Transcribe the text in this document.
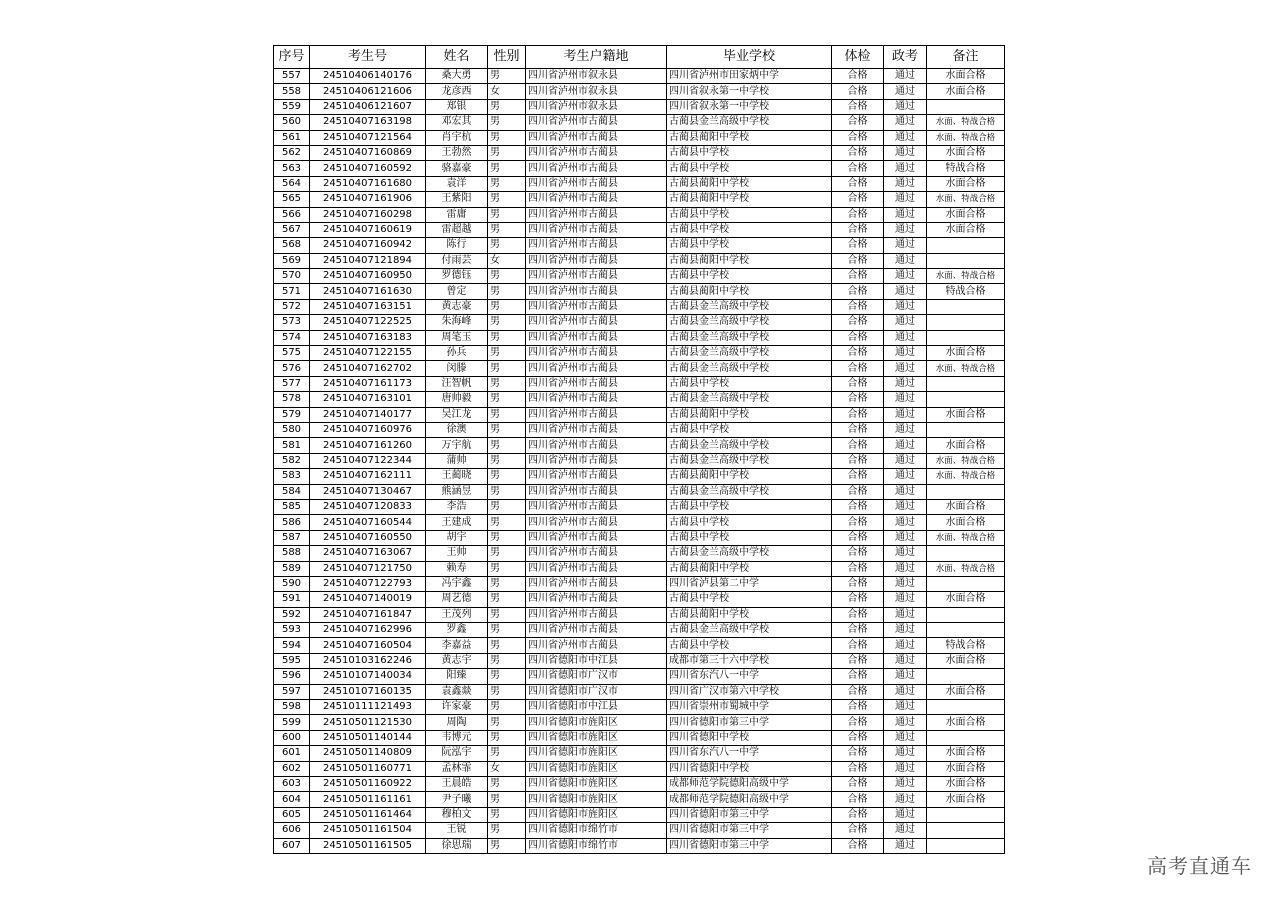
序号	考生号	姓名	性别	考生户籍地	毕业学校	体检	政考	备注
557	24510406140176	桑大勇	男	四川省泸州市叙永县	四川省泸州市田家炳中学	合格	通过	水面合格
558	24510406121606	龙彦西	女	四川省泸州市叙永县	四川省叙永第一中学校	合格	通过	水面合格
559	24510406121607	郑银	男	四川省泸州市叙永县	四川省叙永第一中学校	合格	通过	
560	24510407163198	邓宏其	男	四川省泸州市古蔺县	古蔺县金兰高级中学校	合格	通过	水面、特战合格
561	24510407121564	肖宇杭	男	四川省泸州市古蔺县	古蔺县蔺阳中学校	合格	通过	水面、特战合格
562	24510407160869	王勃然	男	四川省泸州市古蔺县	古蔺县中学校	合格	通过	水面合格
563	24510407160592	骆嘉豪	男	四川省泸州市古蔺县	古蔺县中学校	合格	通过	特战合格
564	24510407161680	袁洋	男	四川省泸州市古蔺县	古蔺县蔺阳中学校	合格	通过	水面合格
565	24510407161906	王紫阳	男	四川省泸州市古蔺县	古蔺县蔺阳中学校	合格	通过	水面、特战合格
566	24510407160298	雷庸	男	四川省泸州市古蔺县	古蔺县中学校	合格	通过	水面合格
567	24510407160619	雷超越	男	四川省泸州市古蔺县	古蔺县中学校	合格	通过	水面合格
568	24510407160942	陈行	男	四川省泸州市古蔺县	古蔺县中学校	合格	通过	
569	24510407121894	付雨芸	女	四川省泸州市古蔺县	古蔺县蔺阳中学校	合格	通过	
570	24510407160950	罗德钰	男	四川省泸州市古蔺县	古蔺县中学校	合格	通过	水面、特战合格
571	24510407161630	曾定	男	四川省泸州市古蔺县	古蔺县蔺阳中学校	合格	通过	特战合格
572	24510407163151	黄志豪	男	四川省泸州市古蔺县	古蔺县金兰高级中学校	合格	通过	
573	24510407122525	朱海峰	男	四川省泸州市古蔺县	古蔺县金兰高级中学校	合格	通过	
574	24510407163183	周笔玉	男	四川省泸州市古蔺县	古蔺县金兰高级中学校	合格	通过	
575	24510407122155	孙兵	男	四川省泸州市古蔺县	古蔺县金兰高级中学校	合格	通过	水面合格
576	24510407162702	闵滕	男	四川省泸州市古蔺县	古蔺县金兰高级中学校	合格	通过	水面、特战合格
577	24510407161173	汪智帆	男	四川省泸州市古蔺县	古蔺县中学校	合格	通过	
578	24510407163101	唐帅毅	男	四川省泸州市古蔺县	古蔺县金兰高级中学校	合格	通过	
579	24510407140177	吴江龙	男	四川省泸州市古蔺县	古蔺县蔺阳中学校	合格	通过	水面合格
580	24510407160976	徐澳	男	四川省泸州市古蔺县	古蔺县中学校	合格	通过	
581	24510407161260	万宇航	男	四川省泸州市古蔺县	古蔺县金兰高级中学校	合格	通过	水面合格
582	24510407122344	蒲帅	男	四川省泸州市古蔺县	古蔺县金兰高级中学校	合格	通过	水面、特战合格
583	24510407162111	王蔺晓	男	四川省泸州市古蔺县	古蔺县蔺阳中学校	合格	通过	水面、特战合格
584	24510407130467	熊涵昱	男	四川省泸州市古蔺县	古蔺县金兰高级中学校	合格	通过	
585	24510407120833	李浩	男	四川省泸州市古蔺县	古蔺县中学校	合格	通过	水面合格
586	24510407160544	王建成	男	四川省泸州市古蔺县	古蔺县中学校	合格	通过	水面合格
587	24510407160550	胡宇	男	四川省泸州市古蔺县	古蔺县中学校	合格	通过	水面、特战合格
588	24510407163067	王帅	男	四川省泸州市古蔺县	古蔺县金兰高级中学校	合格	通过	
589	24510407121750	赖寿	男	四川省泸州市古蔺县	古蔺县蔺阳中学校	合格	通过	水面、特战合格
590	24510407122793	冯宇鑫	男	四川省泸州市古蔺县	四川省泸县第二中学	合格	通过	
591	24510407140019	周艺德	男	四川省泸州市古蔺县	古蔺县中学校	合格	通过	水面合格
592	24510407161847	王茂列	男	四川省泸州市古蔺县	古蔺县蔺阳中学校	合格	通过	
593	24510407162996	罗鑫	男	四川省泸州市古蔺县	古蔺县金兰高级中学校	合格	通过	
594	24510407160504	李嘉益	男	四川省泸州市古蔺县	古蔺县中学校	合格	通过	特战合格
595	24510103162246	黄志宇	男	四川省德阳市中江县	成都市第三十六中学校	合格	通过	水面合格
596	24510107140034	阳臻	男	四川省德阳市广汉市	四川省东汽八一中学	合格	通过	
597	24510107160135	袁鑫燚	男	四川省德阳市广汉市	四川省广汉市第六中学校	合格	通过	水面合格
598	24510111121493	许家豪	男	四川省德阳市中江县	四川省崇州市蜀城中学	合格	通过	
599	24510501121530	周陶	男	四川省德阳市旌阳区	四川省德阳市第三中学	合格	通过	水面合格
600	24510501140144	韦博元	男	四川省德阳市旌阳区	四川省德阳中学校	合格	通过	
601	24510501140809	阮泓宇	男	四川省德阳市旌阳区	四川省东汽八一中学	合格	通过	水面合格
602	24510501160771	孟林霏	女	四川省德阳市旌阳区	四川省德阳中学校	合格	通过	水面合格
603	24510501160922	王晨皓	男	四川省德阳市旌阳区	成都师范学院德阳高级中学	合格	通过	水面合格
604	24510501161161	尹子曦	男	四川省德阳市旌阳区	成都师范学院德阳高级中学	合格	通过	水面合格
605	24510501161464	穆柏文	男	四川省德阳市旌阳区	四川省德阳市第三中学	合格	通过	
606	24510501161504	王锐	男	四川省德阳市绵竹市	四川省德阳市第三中学	合格	通过	
607	24510501161505	徐思瑞	男	四川省德阳市绵竹市	四川省德阳市第三中学	合格	通过	
高考直通车
